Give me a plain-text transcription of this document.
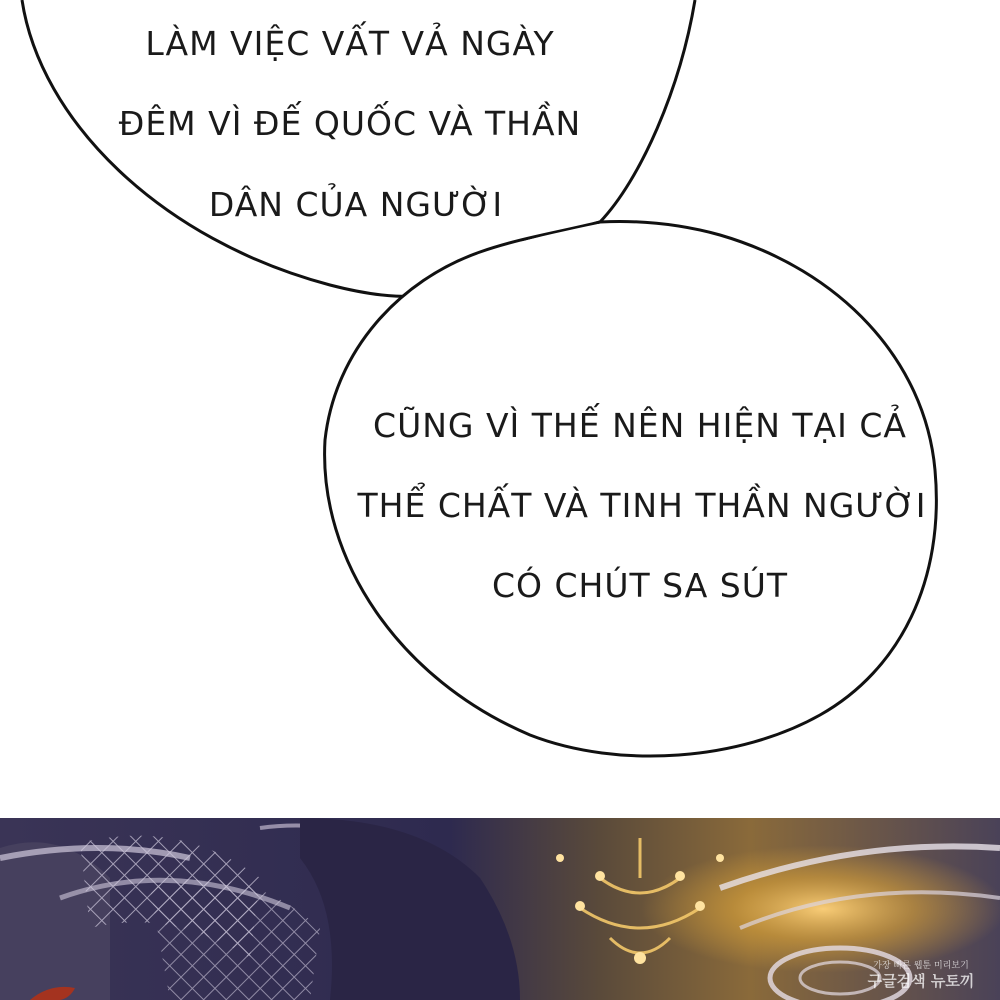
LÀM VIỆC VẤT VẢ NGÀY
ĐÊM VÌ ĐẾ QUỐC VÀ THẦN
DÂN CỦA NGƯỜI
CŨNG VÌ THẾ NÊN HIỆN TẠI CẢ
THỂ CHẤT VÀ TINH THẦN NGƯỜI
CÓ CHÚT SA SÚT
가장 빠른 웹툰 미리보기
구글검색 뉴토끼
